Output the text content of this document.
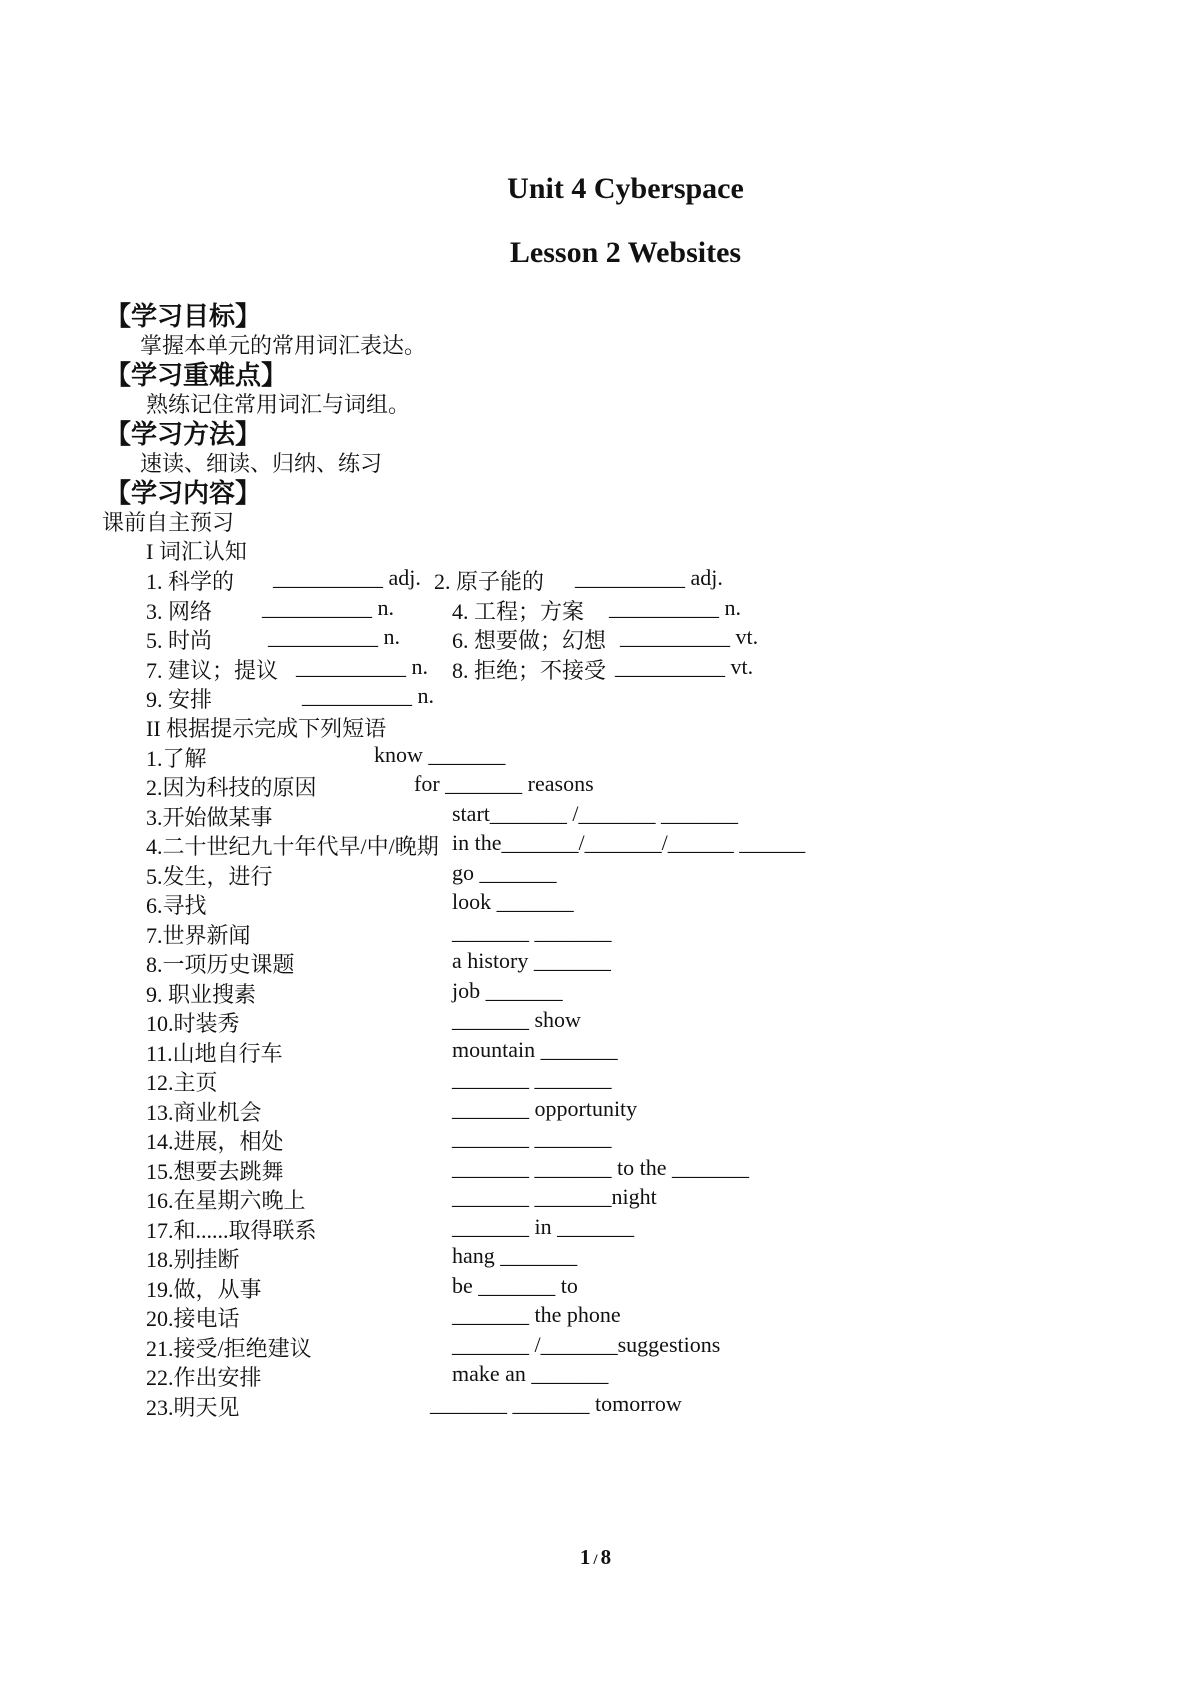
Unit 4 Cyberspace
Lesson 2 Websites
【学习目标】
掌握本单元的常用词汇表达。
【学习重难点】
熟练记住常用词汇与词组。
【学习方法】
速读、细读、归纳、练习
【学习内容】
课前自主预习
I 词汇认知
1. 科学的 __________ adj. 2. 原子能的 __________ adj.
3. 网络 __________ n.	4. 工程；方案 __________ n.
5. 时尚	__________ n. 6. 想要做；幻想 __________ vt.
7. 建议；提议 __________ n. 8. 拒绝；不接受 __________ vt.
9. 安排	__________ n.
II 根据提示完成下列短语
1.了解	know _______
2.因为科技的原因	for _______ reasons
3.开始做某事	start_______ /_______ _______
4.二十世纪九十年代早/中/晚期 in the_______/_______/______ ______
5.发生，进行	go _______
6.寻找	look _______
7.世界新闻	_______ _______
8.一项历史课题	a history _______
9. 职业搜素	job _______
10.时装秀	_______ show
11.山地自行车	mountain _______
12.主页	_______ _______
13.商业机会	_______ opportunity
14.进展，相处	_______ _______
15.想要去跳舞	_______ _______ to the _______
16.在星期六晚上	_______ _______night
17.和......取得联系	_______ in _______
18.别挂断	hang _______
19.做，从事	be _______ to
20.接电话	_______ the phone
21.接受/拒绝建议	_______ /_______suggestions
22.作出安排	make an _______
23.明天见	_______ _______ tomorrow
1 / 8
